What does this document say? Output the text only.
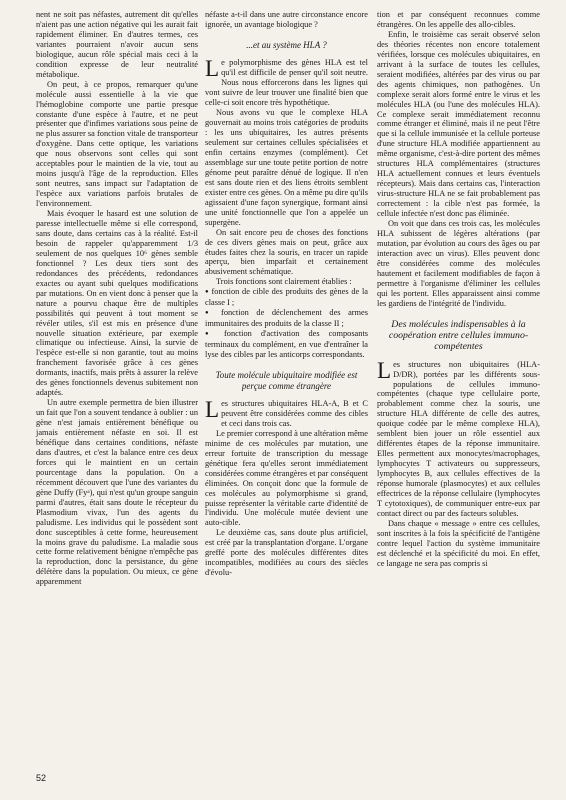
nent ne soit pas néfastes, autrement dit qu'elles n'aient pas une action négative qui les aurait fait rapidement éliminer. En d'autres termes, ces variantes pourraient n'avoir aucun sens biologique, aucun rôle spécial mais ceci à la condition expresse de leur neutralité métabolique.

On peut, à ce propos, remarquer qu'une molécule aussi essentielle à la vie que l'hémoglobine comporte une partie presque constante d'une espèce à l'autre, et ne peut présenter que d'infimes variations sous peine de ne plus assurer sa fonction vitale de transporteur d'oxygène. Dans cette optique, les variations que nous observons sont celles qui sont acceptables pour le maintien de la vie, tout au moins jusqu'à l'âge de la reproduction. Elles sont neutres, sans impact sur l'adaptation de l'espèce aux variations parfois brutales de l'environnement.

Mais évoquer le hasard est une solution de paresse intellectuelle même si elle correspond, sans doute, dans certains cas à la réalité. Est-il besoin de rappeler qu'apparemment 1/3 seulement de nos quelques 10⁶ gènes semble fonctionnel ? Les deux tiers sont des redondances des précédents, redondances exactes ou ayant subi quelques modifications par mutations. On en vient donc à penser que la nature a pourvu chaque être de multiples possibilités qui peuvent à tout moment se révéler utiles, s'il est mis en présence d'une nouvelle situation extérieure, par exemple climatique ou infectieuse. Ainsi, la survie de l'espèce est-elle si non garantie, tout au moins franchement favorisée grâce à ces gènes dormants, inactifs, mais prêts à assurer la relève des gènes fonctionnels devenus subitement non adaptés.

Un autre exemple permettra de bien illustrer un fait que l'on a souvent tendance à oublier : un gène n'est jamais entièrement bénéfique ou jamais entièrement néfaste en soi. Il est bénéfique dans certaines conditions, néfaste dans d'autres, et c'est la balance entre ces deux forces qui le maintient en un certain pourcentage dans la population. On a récemment découvert que l'une des variantes du gène Duffy (Fyᵃ), qui n'est qu'un groupe sanguin parmi d'autres, était sans doute le récepteur du Plasmodium vivax, l'un des agents du paludisme. Les individus qui le possèdent sont donc susceptibles à cette forme, heureusement la moins grave du paludisme. La maladie sous cette forme relativement bénigne n'empêche pas la reproduction, donc la persistance, du gène délétère dans la population. Ou mieux, ce gène apparemment

néfaste a-t-il dans une autre circonstance encore ignorée, un avantage biologique ?

...et au système HLA ?

Le polymorphisme des gènes HLA est tel qu'il est difficile de penser qu'il soit neutre. Nous nous efforcerons dans les lignes qui vont suivre de leur trouver une finalité bien que celle-ci soit encore très hypothétique.

Nous avons vu que le complexe HLA gouvernait au moins trois catégories de produits : les uns ubiquitaires, les autres présents seulement sur certaines cellules spécialisées et enfin certains enzymes (complément). Cet assemblage sur une toute petite portion de notre génome peut paraître dénué de logique. Il n'en est sans doute rien et des liens étroits semblent exister entre ces gènes. On a même pu dire qu'ils agissaient d'une façon synergique, formant ainsi une unité fonctionnelle que l'on a appelée un supergène.

On sait encore peu de choses des fonctions de ces divers gènes mais on peut, grâce aux études faites chez la souris, en tracer un rapide aperçu, bien imparfait et certainement abusivement schématique.

Trois fonctions sont clairement établies :

● fonction de cible des produits des gènes de la classe I ;
● fonction de déclenchement des armes immunitaires des produits de la classe II ;
● fonction d'activation des composants terminaux du complément, en vue d'entraîner la lyse des cibles par les anticorps correspondants.
Toute molécule ubiquitaire modifiée est perçue comme étrangère

Les structures ubiquitaires HLA-A, B et C peuvent être considérées comme des cibles et ceci dans trois cas.

Le premier correspond à une altération même minime de ces molécules par mutation, une erreur fortuite de transcription du message génétique fera qu'elles seront immédiatement considérées comme étrangères et par conséquent éliminées. On conçoit donc que la formule de ces molécules au polymorphisme si grand, puisse représenter la véritable carte d'identité de l'individu. Une molécule mutée devient une auto-cible.

Le deuxième cas, sans doute plus artificiel, est créé par la transplantation d'organe. L'organe greffé porte des molécules différentes dites incompatibles, modifiées au cours des siècles d'évolu-

tion et par conséquent reconnues comme étrangères. On les appelle des allo-cibles.

Enfin, le troisième cas serait observé selon des théories récentes non encore totalement vérifiées, lorsque ces molécules ubiquitaires, en arrivant à la surface de toutes les cellules, seraient modifiées, altérées par des virus ou par des agents chimiques, non pathogènes. Un complexe serait alors formé entre le virus et les molécules HLA (ou l'une des molécules HLA). Ce complexe serait immédiatement reconnu comme étranger et éliminé, mais il ne peut l'être que si la cellule immunisée et la cellule porteuse d'une structure HLA modifiée appartiennent au même organisme, c'est-à-dire portent des mêmes structures HLA complémentaires (structures HLA actuellement connues et leurs éventuels récepteurs). Mais dans certains cas, l'interaction virus-structure HLA ne se fait probablement pas correctement : la cible n'est pas formée, la cellule infectée n'est donc pas éliminée.

On voit que dans ces trois cas, les molécules HLA subissent de légères altérations (par mutation, par évolution au cours des âges ou par interaction avec un virus). Elles peuvent donc être considérées comme des molécules hautement et facilement modifiables de façon à permettre à l'organisme d'éliminer les cellules qui les portent. Elles apparaissent ainsi comme les gardiens de l'intégrité de l'individu.

Des molécules indispensables à la coopération entre cellules immuno-compétentes

Les structures non ubiquitaires (HLA-D/DR), portées par les différents sous-populations de cellules immuno-compétentes (chaque type cellulaire porte, probablement comme chez la souris, une structure HLA différente de celle des autres, quoique codée par le même complexe HLA), semblent bien jouer un rôle essentiel aux différentes étapes de la réponse immunitaire. Elles permettent aux monocytes/macrophages, lymphocytes T activateurs ou suppresseurs, lymphocytes B, aux cellules effectives de la réponse humorale (plasmocytes) et aux cellules effectrices de la réponse cellulaire (lymphocytes T cytotoxiques), de communiquer entre-eux par contact direct ou par des facteurs solubles.

Dans chaque « message » entre ces cellules, sont inscrites à la fois la spécificité de l'antigène contre lequel l'action du système immunitaire est déclenché et la spécificité du moi. En effet, ce langage ne sera pas compris si

52
